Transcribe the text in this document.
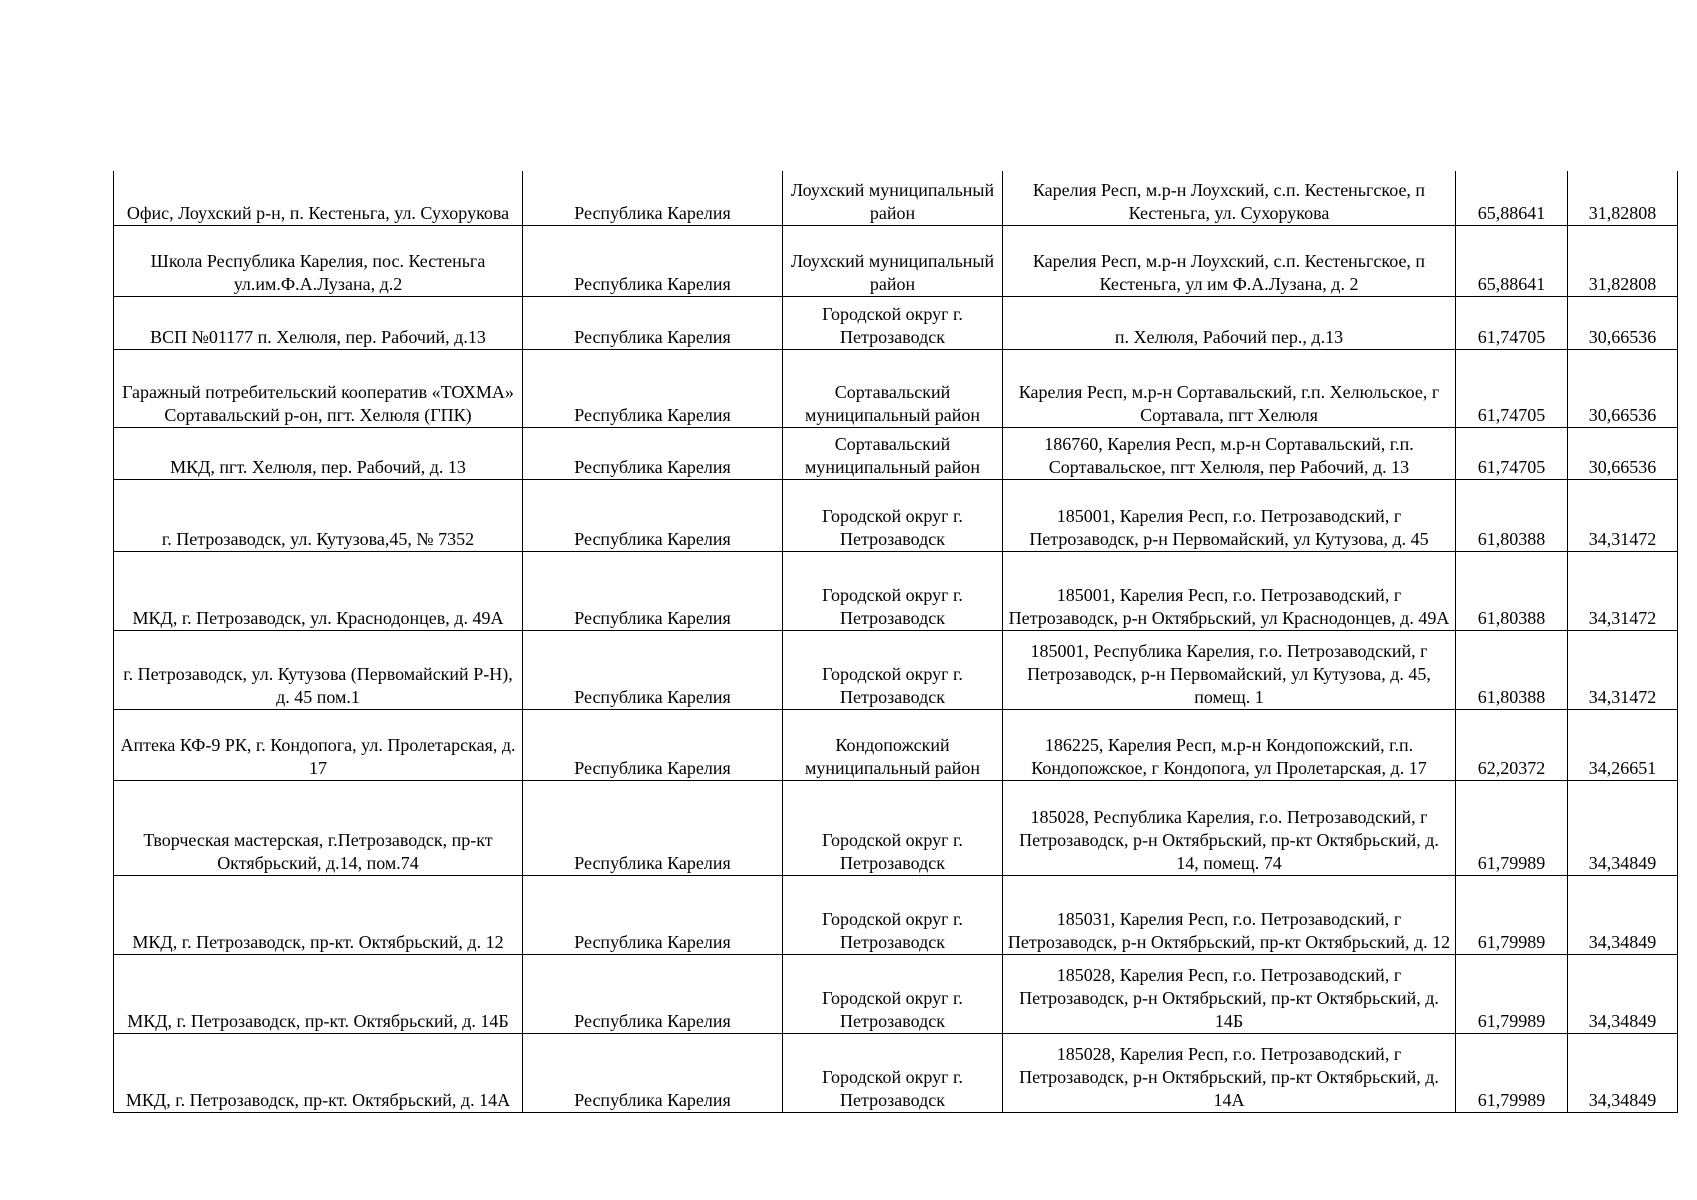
Офис, Лоухский р-н, п. Кестеньга, ул. Сухорукова	Республика Карелия	Лоухский муниципальный район	Карелия Респ, м.р-н Лоухский, с.п. Кестеньгское, п Кестеньга, ул. Сухорукова	65,88641	31,82808
Школа Республика Карелия, пос. Кестеньга ул.им.Ф.А.Лузана, д.2	Республика Карелия	Лоухский муниципальный район	Карелия Респ, м.р-н Лоухский, с.п. Кестеньгское, п Кестеньга, ул им Ф.А.Лузана, д. 2	65,88641	31,82808
ВСП №01177 п. Хелюля, пер. Рабочий, д.13	Республика Карелия	Городской округ г. Петрозаводск	п. Хелюля, Рабочий пер., д.13	61,74705	30,66536
Гаражный потребительский кооператив «ТОХМА» Сортавальский р-он, пгт. Хелюля (ГПК)	Республика Карелия	Сортавальский муниципальный район	Карелия Респ, м.р-н Сортавальский, г.п. Хелюльское, г Сортавала, пгт Хелюля	61,74705	30,66536
МКД, пгт. Хелюля, пер. Рабочий, д. 13	Республика Карелия	Сортавальский муниципальный район	186760, Карелия Респ, м.р-н Сортавальский, г.п. Сортавальское, пгт Хелюля, пер Рабочий, д. 13	61,74705	30,66536
г. Петрозаводск, ул. Кутузова,45, № 7352	Республика Карелия	Городской округ г. Петрозаводск	185001, Карелия Респ, г.о. Петрозаводский, г Петрозаводск, р-н Первомайский, ул Кутузова, д. 45	61,80388	34,31472
МКД, г. Петрозаводск, ул. Краснодонцев, д. 49А	Республика Карелия	Городской округ г. Петрозаводск	185001, Карелия Респ, г.о. Петрозаводский, г Петрозаводск, р-н Октябрьский, ул Краснодонцев, д. 49А	61,80388	34,31472
г. Петрозаводск, ул. Кутузова (Первомайский Р-Н), д. 45 пом.1	Республика Карелия	Городской округ г. Петрозаводск	185001, Республика Карелия, г.о. Петрозаводский, г Петрозаводск, р-н Первомайский, ул Кутузова, д. 45, помещ. 1	61,80388	34,31472
Аптека КФ-9 РК, г. Кондопога, ул. Пролетарская, д. 17	Республика Карелия	Кондопожский муниципальный район	186225, Карелия Респ, м.р-н Кондопожский, г.п. Кондопожское, г Кондопога, ул Пролетарская, д. 17	62,20372	34,26651
Творческая мастерская, г.Петрозаводск, пр-кт Октябрьский, д.14, пом.74	Республика Карелия	Городской округ г. Петрозаводск	185028, Республика Карелия, г.о. Петрозаводский, г Петрозаводск, р-н Октябрьский, пр-кт Октябрьский, д. 14, помещ. 74	61,79989	34,34849
МКД, г. Петрозаводск, пр-кт. Октябрьский, д. 12	Республика Карелия	Городской округ г. Петрозаводск	185031, Карелия Респ, г.о. Петрозаводский, г Петрозаводск, р-н Октябрьский, пр-кт Октябрьский, д. 12	61,79989	34,34849
МКД, г. Петрозаводск, пр-кт. Октябрьский, д. 14Б	Республика Карелия	Городской округ г. Петрозаводск	185028, Карелия Респ, г.о. Петрозаводский, г Петрозаводск, р-н Октябрьский, пр-кт Октябрьский, д. 14Б	61,79989	34,34849
МКД, г. Петрозаводск, пр-кт. Октябрьский, д. 14А	Республика Карелия	Городской округ г. Петрозаводск	185028, Карелия Респ, г.о. Петрозаводский, г Петрозаводск, р-н Октябрьский, пр-кт Октябрьский, д. 14А	61,79989	34,34849
